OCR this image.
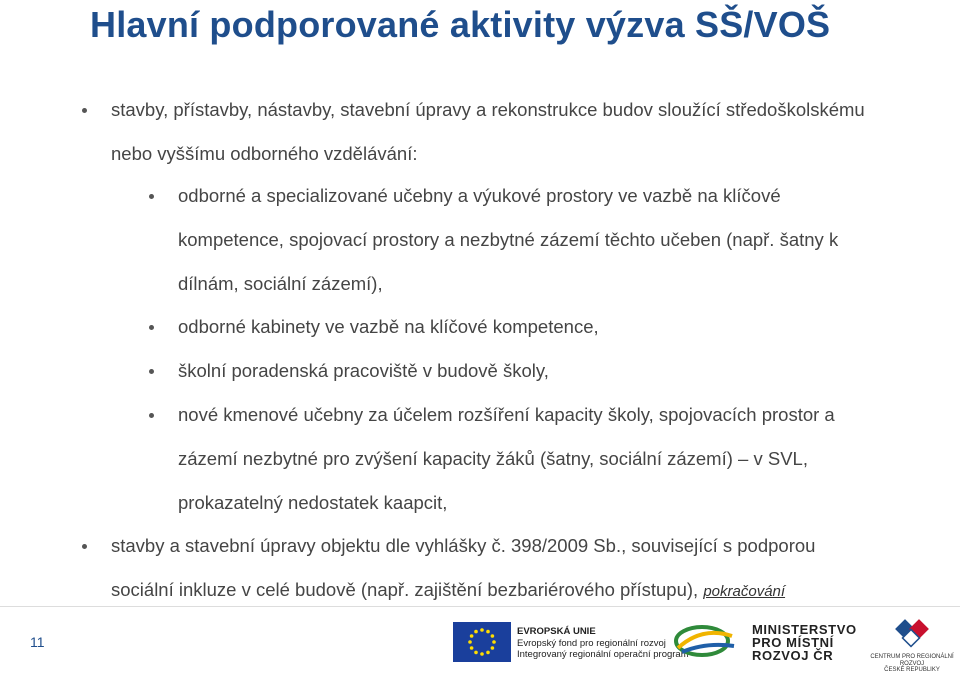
Hlavní podporované aktivity výzva SŠ/VOŠ
stavby, přístavby, nástavby, stavební úpravy a rekonstrukce budov sloužící středoškolskému
nebo vyššímu odborného vzdělávání:
odborné a specializované učebny a výukové prostory ve vazbě na klíčové
kompetence, spojovací prostory a nezbytné zázemí těchto učeben (např. šatny k
dílnám, sociální zázemí),
odborné kabinety ve vazbě na klíčové kompetence,
školní poradenská pracoviště v budově školy,
nové kmenové učebny za účelem rozšíření kapacity školy, spojovacích prostor a
zázemí nezbytné pro zvýšení kapacity žáků (šatny, sociální zázemí) – v SVL,
prokazatelný nedostatek kaapcit,
stavby a stavební úpravy objektu dle vyhlášky č. 398/2009 Sb., související s podporou
sociální inkluze v celé budově (např. zajištění bezbariérového přístupu), pokračování
11
EVROPSKÁ UNIE
Evropský fond pro regionální rozvoj
Integrovaný regionální operační program
MINISTERSTVO
PRO MÍSTNÍ
ROZVOJ ČR	CENTRUM PRO REGIONÁLNÍ ROZVOJ
ČESKÉ REPUBLIKY
